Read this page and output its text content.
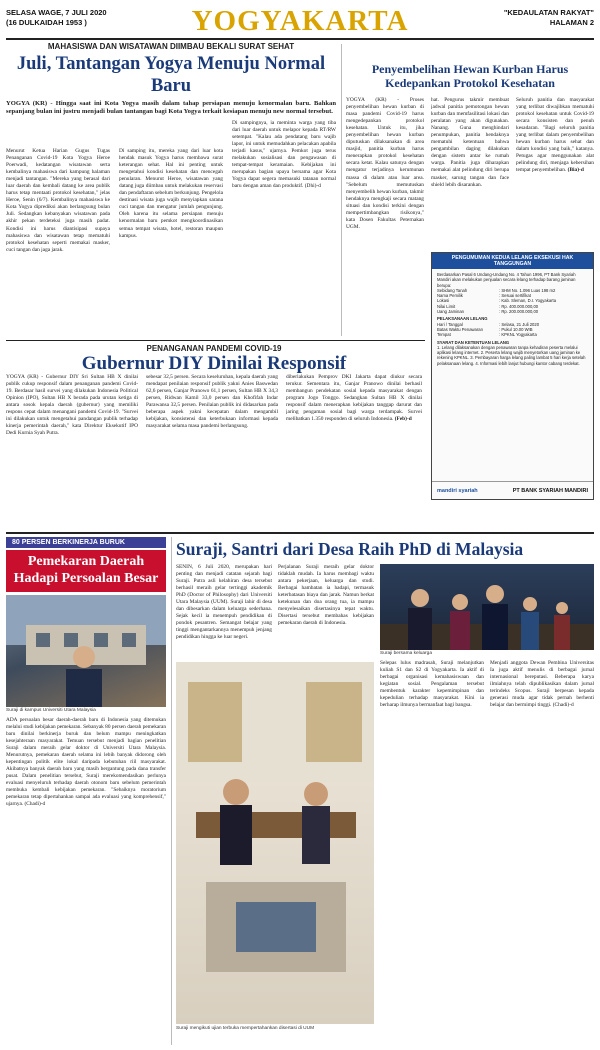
SELASA WAGE, 7 JULI 2020
(16 DULKAIDAH 1953 )	YOGYAKARTA	"KEDAULATAN RAKYAT"
HALAMAN 2
MAHASISWA DAN WISATAWAN DIIMBAU BEKALI SURAT SEHAT
Juli, Tantangan Yogya Menuju Normal Baru
YOGYA (KR) - Hingga saat ini Kota Yogya masih dalam tahap persiapan menuju kenormalan baru. Bahkan sepanjang bulan ini justru menjadi bulan tantangan bagi Kota Yogya terkait kesiapan menuju new normal tersebut.
Menurut Ketua Harian Gugus Tugas Penanganan Covid-19 Kota Yogya Heroe Poerwadi, kedatangan wisatawan serta kembalinya mahasiswa dari kampung halaman menjadi tantangan. "Mereka yang berasal dari luar daerah dan kembali datang ke area publik harus tetap mentaati protokol kesehatan," jelas Heroe, Senin (6/7). Kembalinya mahasiswa ke Kota Yogya diprediksi akan berlangsung bulan Juli. Sedangkan kebanyakan wisatawan pada akhir pekan terdeteksi juga masih padat. Kondisi ini harus diantisipasi supaya mahasiswa dan wisatawan tetap mematuhi protokol kesehatan seperti memakai masker, cuci tangan dan jaga jarak.
Di samping itu, mereka yang dari luar kota hendak masuk Yogya harus membawa surat keterangan sehat. Hal ini penting untuk mengetahui kondisi kesehatan dan mencegah penularan. Menurut Heroe, wisatawan yang datang juga diimbau untuk melakukan reservasi dan pendaftaran sebelum berkunjung. Pengelola destinasi wisata juga wajib menyiapkan sarana cuci tangan dan mengatur jumlah pengunjung. Oleh karena itu selama persiapan menuju kenormalan baru pemkot mengkoordinasikan semua tempat wisata, hotel, restoran maupun kampus.
Di sampingnya, ia meminta warga yang tiba dari luar daerah untuk melapor kepada RT/RW setempat. "Kalau ada pendatang baru wajib lapor, ini untuk memudahkan pelacakan apabila terjadi kasus," ujarnya. Pemkot juga terus melakukan sosialisasi dan pengawasan di tempat-tempat keramaian. Kebijakan ini merupakan bagian upaya bersama agar Kota Yogya dapat segera memasuki tatanan normal baru dengan aman dan produktif. (Dhi)-d
Penyembelihan Hewan Kurban Harus Kedepankan Protokol Kesehatan
YOGYA (KR) - Proses penyembelihan hewan kurban di masa pandemi Covid-19 harus mengedepankan protokol kesehatan. Untuk itu, jika penyembelihan hewan kurban diputuskan dilaksanakan di area masjid, panitia kurban harus menerapkan protokol kesehatan secara ketat. Kalau satunya dengan mengatur terjadinya kerumunan massa di dalam atau luar area. "Sebelum memutuskan menyembelih hewan kurban, takmir hendaknya mengkaji secara matang situasi dan kondisi terkini dengan mempertimbangkan risikonya," kata Dosen Fakultas Peternakan UGM.
hat. Pengurus takmir membuat jadwal panitia pemotongan hewan kurban dan memfasilitasi lokasi dan peralatan yang akan digunakan. Nanang. Guna menghindari penumpukan, panitia hendaknya mematuhi ketentuan bahwa pengambilan daging dilakukan dengan sistem antar ke rumah warga. Panitia juga diharapkan memakai alat pelindung diri berupa masker, sarung tangan dan face shield lebih disarankan.
Seluruh panitia dan masyarakat yang terlibat diwajibkan mematuhi protokol kesehatan untuk Covid-19 secara konsisten dan penuh kesadaran. "Bagi seluruh panitia yang terlibat dalam penyembelihan hewan kurban harus sehat dan dalam kondisi yang baik," katanya. Petugas agar menggunakan alat pelindung diri, menjaga kebersihan tempat penyembelihan. (Bia)-d
PENGUMUMAN KEDUA LELANG EKSEKUSI HAK TANGGUNGAN
Berdasarkan Pasal 6 Undang-Undang No. 4 Tahun 1996, PT Bank Syariah Mandiri akan melakukan penjualan secara lelang terhadap barang jaminan berupa:
Sebidang Tanah	: SHM No. 1.096 Luas 198 m2
Nama Pemilik	: Sesuai sertifikat
Lokasi	: Kab. Sleman, D.I. Yogyakarta
Nilai Limit	: Rp. 400.000.000,00
Uang Jaminan	: Rp. 200.000.000,00
PELAKSANAAN LELANG
Hari / Tanggal	: Selasa, 21 Juli 2020
Batas Waktu Penawaran	: Pukul 10.00 WIB
Tempat	: KPKNL Yogyakarta
SYARAT DAN KETENTUAN LELANG
1. Lelang dilaksanakan dengan penawaran tanpa kehadiran peserta melalui aplikasi lelang internet. 2. Peserta lelang wajib menyetorkan uang jaminan ke rekening KPKNL. 3. Pembayaran harga lelang paling lambat 5 hari kerja setelah pelaksanaan lelang. 4. Informasi lebih lanjut hubungi kantor cabang terdekat.
mandiri syariah	PT BANK SYARIAH MANDIRI
PENANGANAN PANDEMI COVID-19
Gubernur DIY Dinilai Responsif
YOGYA (KR) - Gubernur DIY Sri Sultan HB X dinilai publik cukup responsif dalam penanganan pandemi Covid-19. Berdasar hasil survei yang dilakukan Indonesia Political Opinion (IPO), Sultan HB X berada pada urutan ketiga di antara sosok kepala daerah (gubernur) yang memiliki respons cepat dalam menangani pandemi Covid-19. "Survei ini dilakukan untuk mengetahui pandangan publik terhadap kinerja pemerintah daerah," kata Direktur Eksekutif IPO Dedi Kurnia Syah Putra.
sebesar 32,5 persen. Secara keseluruhan, kepala daerah yang mendapat penilaian responsif publik yakni Anies Baswedan 62,6 persen, Ganjar Pranowo 61,1 persen, Sultan HB X 34,3 persen, Ridwan Kamil 33,0 persen dan Khofifah Indar Parawansa 32,5 persen. Penilaian publik ini didasarkan pada beberapa aspek yakni kecepatan dalam mengambil kebijakan, konsistensi dan keterbukaan informasi kepada masyarakat selama masa pandemi berlangsung.
diberlakukan Pemprov DKI Jakarta dapat diukur secara terukur. Sementara itu, Ganjar Pranowo dinilai berhasil membangun pendekatan sosial kepada masyarakat dengan program Jogo Tonggo. Sedangkan Sultan HB X dinilai responsif dalam menerapkan kebijakan tanggap darurat dan jaring pengaman sosial bagi warga terdampak. Survei melibatkan 1.350 responden di seluruh Indonesia. (Feb)-d
80 PERSEN BERKINERJA BURUK
Pemekaran Daerah Hadapi Persoalan Besar
Suraji di kampus Universiti Utara Malaysia
ADA persoalan besar daerah-daerah baru di Indonesia yang ditemukan melalui studi kebijakan pemekaran. Sebanyak 80 persen daerah pemekaran baru dinilai berkinerja buruk dan belum mampu meningkatkan kesejahteraan masyarakat. Temuan tersebut menjadi bagian penelitian Suraji dalam meraih gelar doktor di Universiti Utara Malaysia. Menurutnya, pemekaran daerah selama ini lebih banyak didorong oleh kepentingan politik elite lokal daripada kebutuhan riil masyarakat. Akibatnya banyak daerah baru yang masih bergantung pada dana transfer pusat. Dalam penelitian tersebut, Suraji merekomendasikan perlunya evaluasi menyeluruh terhadap daerah otonom baru sebelum pemerintah membuka kembali kebijakan pemekaran. "Sebaiknya moratorium pemekaran tetap dipertahankan sampai ada evaluasi yang komprehensif," ujarnya. (Chadi)-d
Suraji, Santri dari Desa Raih PhD di Malaysia
SENIN, 6 Juli 2020, merupakan hari penting dan menjadi catatan sejarah bagi Suraji. Putra asli kelahiran desa tersebut berhasil meraih gelar tertinggi akademik PhD (Doctor of Philosophy) dari Universiti Utara Malaysia (UUM). Suraji lahir di desa dan dibesarkan dalam keluarga sederhana. Sejak kecil ia menempuh pendidikan di pondok pesantren. Semangat belajar yang tinggi mengantarkannya menempuh jenjang pendidikan hingga ke luar negeri.
Perjalanan Suraji meraih gelar doktor tidaklah mudah. Ia harus membagi waktu antara pekerjaan, keluarga dan studi. Berbagai hambatan ia hadapi, termasuk keterbatasan biaya dan jarak. Namun berkat ketekunan dan doa orang tua, ia mampu menyelesaikan disertasinya tepat waktu. Disertasi tersebut membahas kebijakan pemekaran daerah di Indonesia.
Suraji bersama keluarga
Selepas lulus madrasah, Suraji melanjutkan kuliah S1 dan S2 di Yogyakarta. Ia aktif di berbagai organisasi kemahasiswaan dan kegiatan sosial. Pengalaman tersebut membentuk karakter kepemimpinan dan kepedulian terhadap masyarakat. Kini ia berharap ilmunya bermanfaat bagi bangsa.
Menjadi anggota Dewan Pembina Universitas Ia juga aktif menulis di berbagai jurnal internasional bereputasi. Beberapa karya ilmiahnya telah dipublikasikan dalam jurnal terindeks Scopus. Suraji berpesan kepada generasi muda agar tidak pernah berhenti belajar dan bermimpi tinggi. (Chadi)-d
Suraji mengikuti ujian terbuka mempertahankan disertasi di UUM
